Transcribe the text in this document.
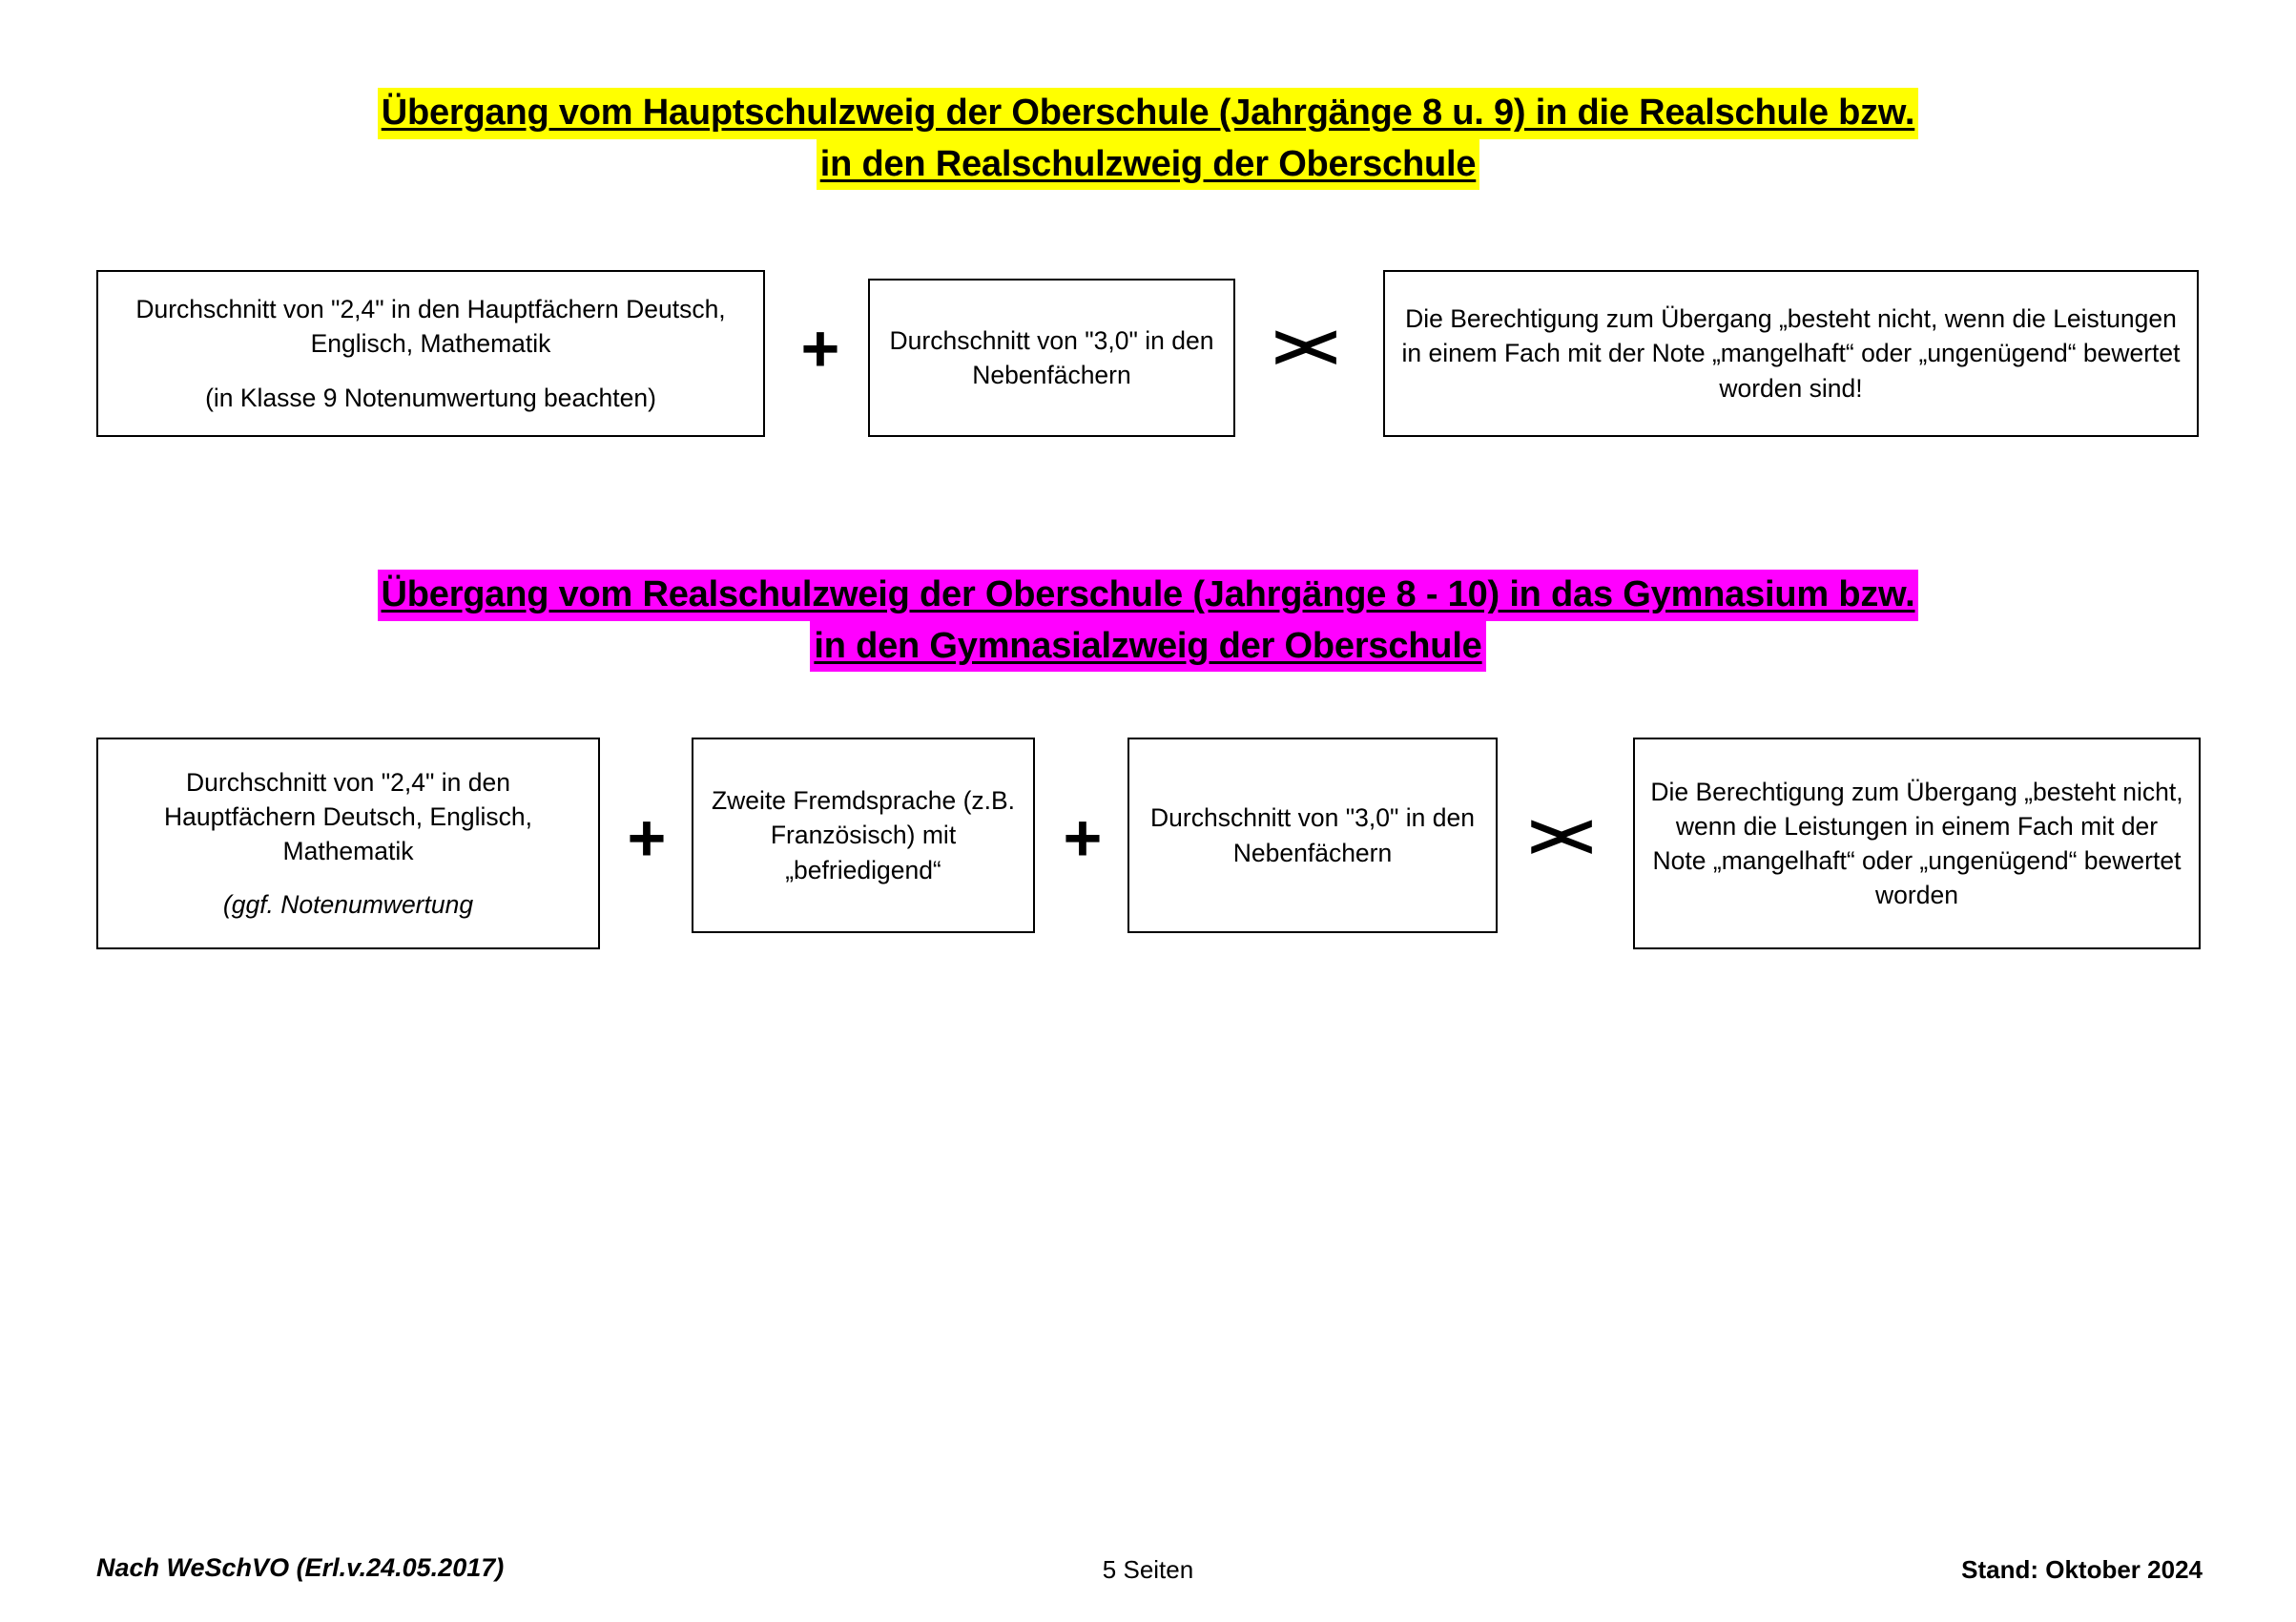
Übergang vom Hauptschulzweig der Oberschule (Jahrgänge 8 u. 9) in die Realschule bzw.
in den Realschulzweig der Oberschule

Durchschnitt von "2,4" in den Hauptfächern Deutsch, Englisch, Mathematik

(in Klasse 9 Notenumwertung beachten)

+	Durchschnitt von "3,0" in den Nebenfächern	><	Die Berechtigung zum Übergang „besteht nicht, wenn die Leistungen in einem Fach mit der Note „mangelhaft“ oder „ungenügend“ bewertet worden sind!

Übergang vom Realschulzweig der Oberschule (Jahrgänge 8 - 10) in das Gymnasium bzw.
in den Gymnasialzweig der Oberschule

Durchschnitt von "2,4" in den Hauptfächern Deutsch, Englisch, Mathematik

(ggf. Notenumwertung

+	Zweite Fremdsprache (z.B. Französisch) mit „befriedigend“	+	Durchschnitt von "3,0" in den Nebenfächern	><

Die Berechtigung zum Übergang „besteht nicht, wenn die Leistungen in einem Fach mit der Note „mangelhaft“ oder „ungenügend“ bewertet worden

Nach WeSchVO (Erl.v.24.05.2017)	5 Seiten	Stand: Oktober 2024
